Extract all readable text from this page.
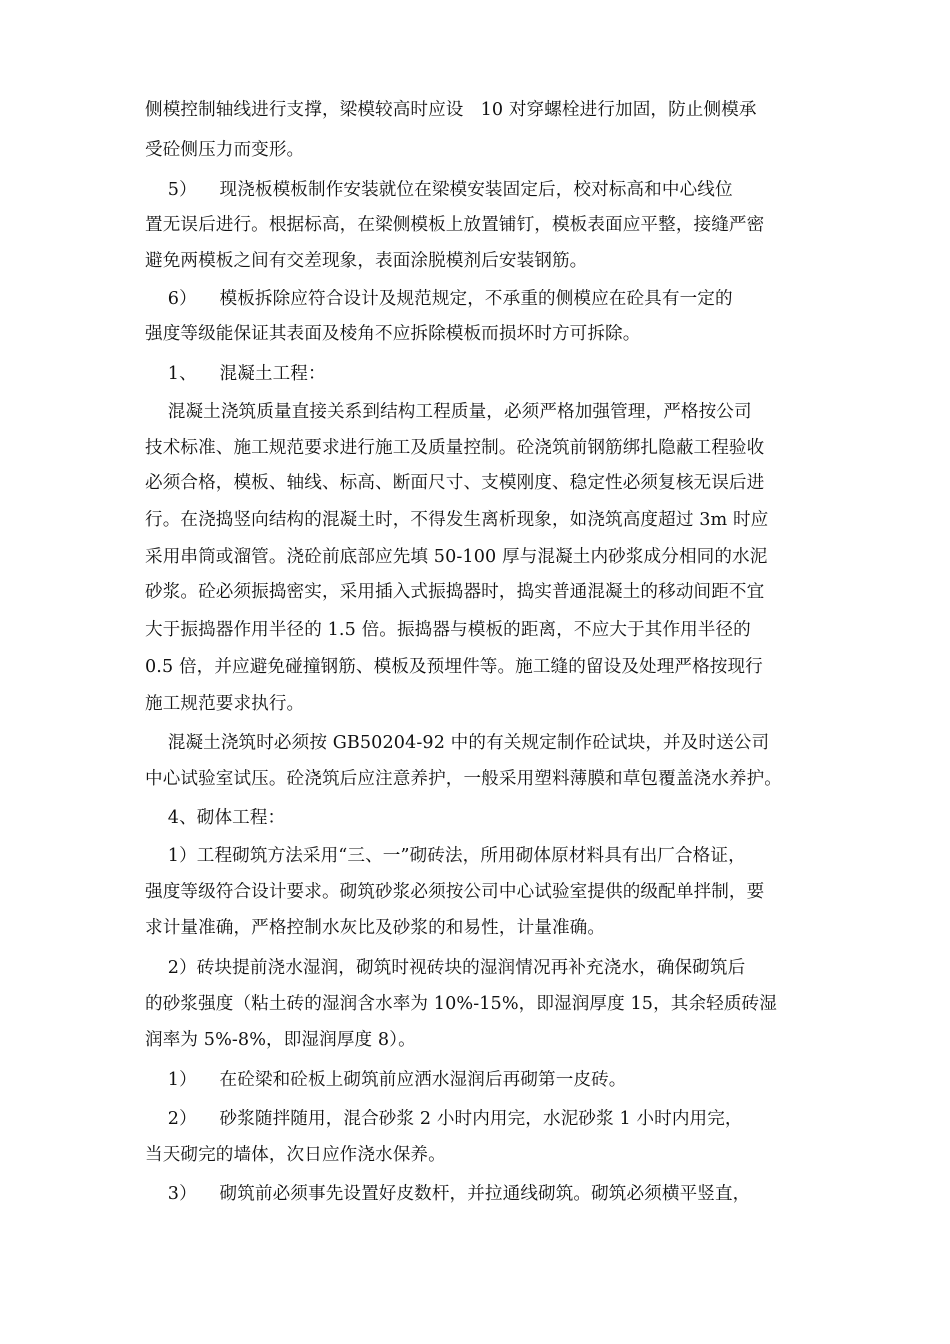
侧模控制轴线进行支撑，梁模较高时应设   10 对穿螺栓进行加固，防止侧模承

受砼侧压力而变形。

5）    现浇板模板制作安装就位在梁模安装固定后，校对标高和中心线位

置无误后进行。根据标高，在梁侧模板上放置铺钉，模板表面应平整，接缝严密

避免两模板之间有交差现象，表面涂脱模剂后安装钢筋。

6）    模板拆除应符合设计及规范规定，不承重的侧模应在砼具有一定的

强度等级能保证其表面及棱角不应拆除模板而损坏时方可拆除。

1、    混凝土工程：

混凝土浇筑质量直接关系到结构工程质量，必须严格加强管理，严格按公司

技术标准、施工规范要求进行施工及质量控制。砼浇筑前钢筋绑扎隐蔽工程验收

必须合格，模板、轴线、标高、断面尺寸、支模刚度、稳定性必须复核无误后进

行。在浇捣竖向结构的混凝土时，不得发生离析现象，如浇筑高度超过 3m 时应

采用串筒或溜管。浇砼前底部应先填 50-100 厚与混凝土内砂浆成分相同的水泥

砂浆。砼必须振捣密实，采用插入式振捣器时，捣实普通混凝土的移动间距不宜

大于振捣器作用半径的 1.5 倍。振捣器与模板的距离，不应大于其作用半径的

0.5 倍，并应避免碰撞钢筋、模板及预埋件等。施工缝的留设及处理严格按现行

施工规范要求执行。

混凝土浇筑时必须按 GB50204-92 中的有关规定制作砼试块，并及时送公司

中心试验室试压。砼浇筑后应注意养护，一般采用塑料薄膜和草包覆盖浇水养护。

4、砌体工程：

1）工程砌筑方法采用“三、一”砌砖法，所用砌体原材料具有出厂合格证，

强度等级符合设计要求。砌筑砂浆必须按公司中心试验室提供的级配单拌制，要

求计量准确，严格控制水灰比及砂浆的和易性，计量准确。

2）砖块提前浇水湿润，砌筑时视砖块的湿润情况再补充浇水，确保砌筑后

的砂浆强度（粘土砖的湿润含水率为 10%-15%，即湿润厚度 15，其余轻质砖湿

润率为 5%-8%，即湿润厚度 8）。

1）    在砼梁和砼板上砌筑前应洒水湿润后再砌第一皮砖。

2）    砂浆随拌随用，混合砂浆 2 小时内用完，水泥砂浆 1 小时内用完，

当天砌完的墙体，次日应作浇水保养。

3）    砌筑前必须事先设置好皮数杆，并拉通线砌筑。砌筑必须横平竖直，
